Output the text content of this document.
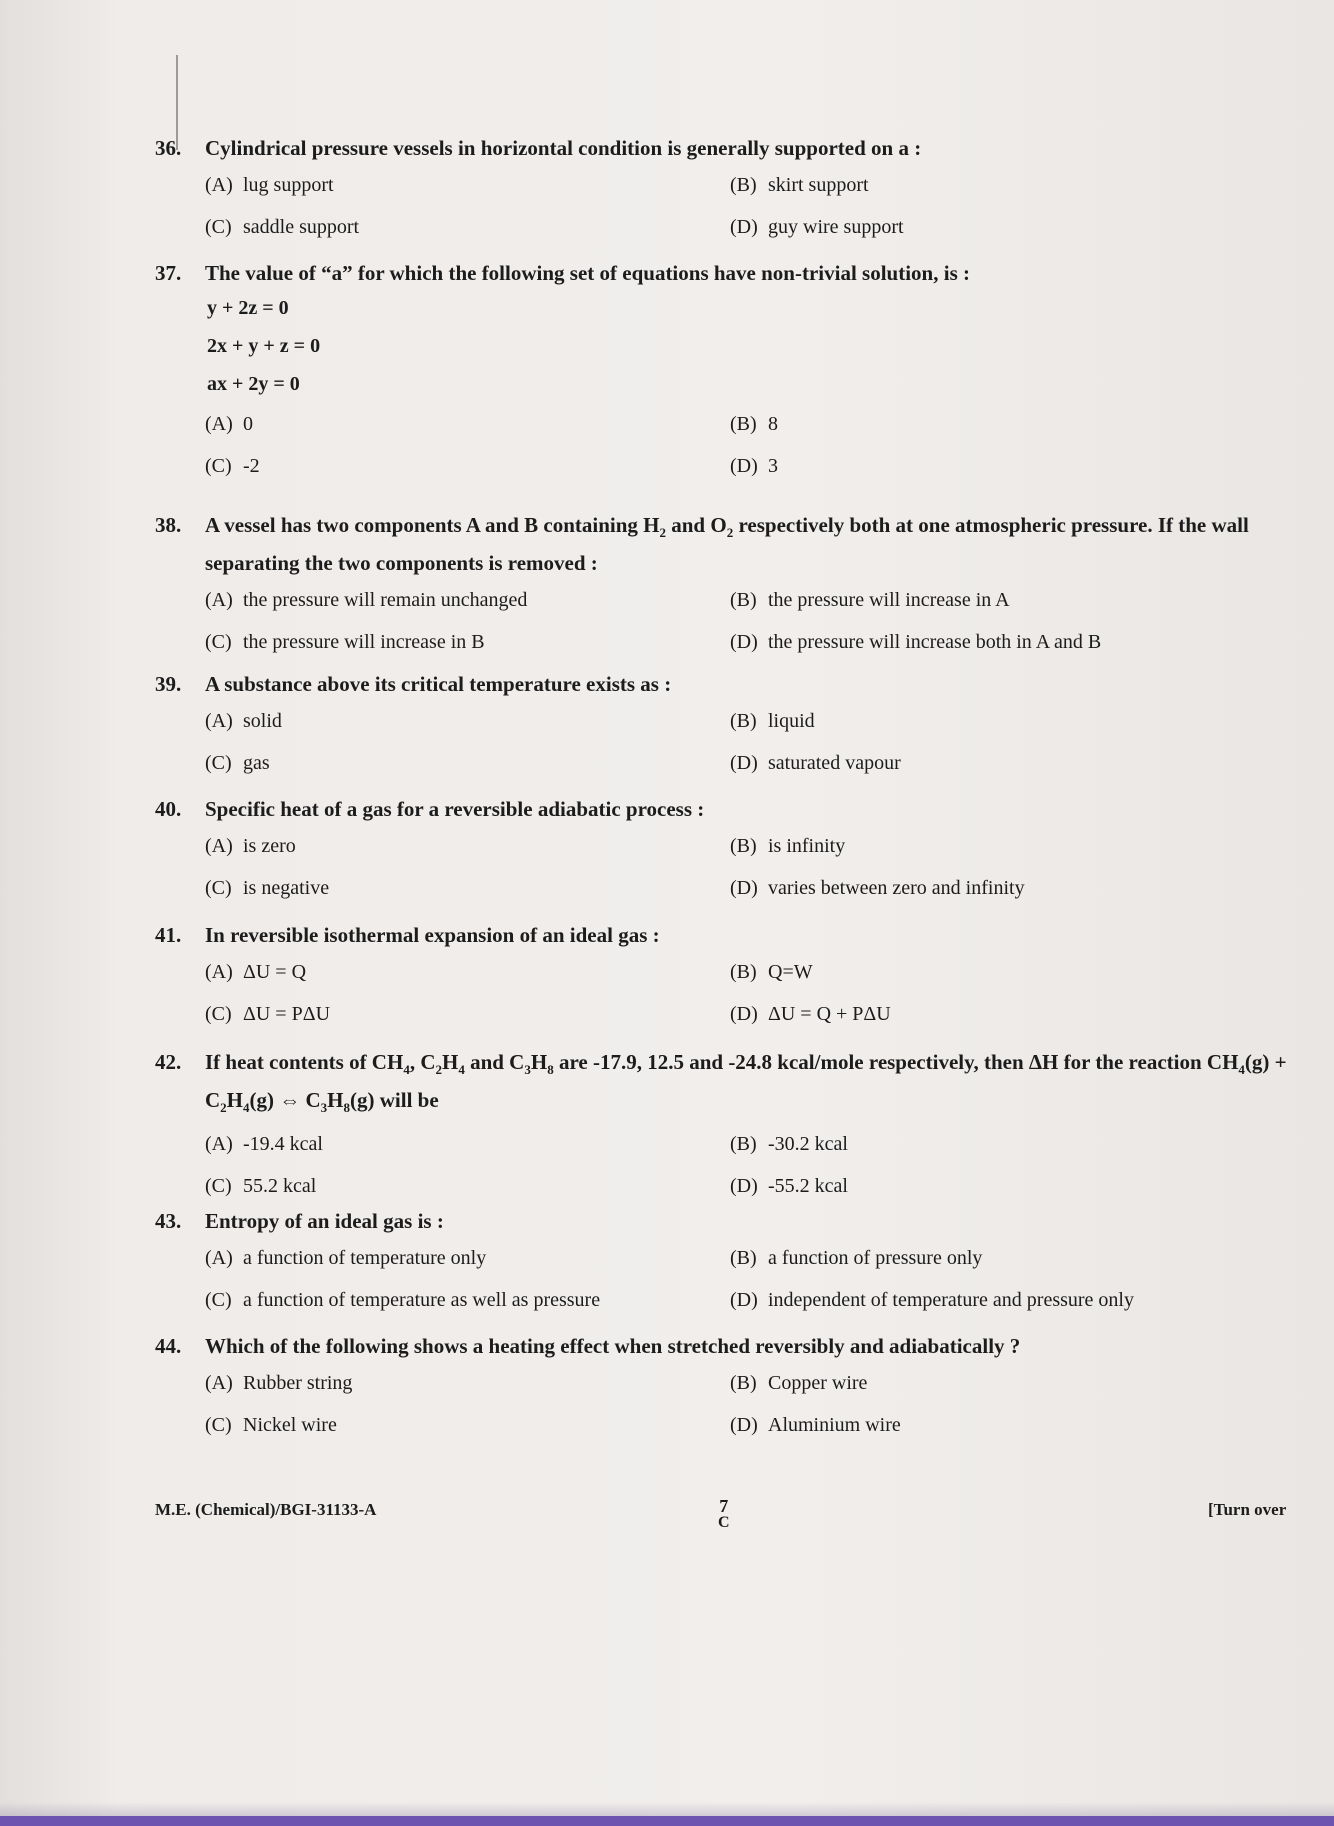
36. Cylindrical pressure vessels in horizontal condition is generally supported on a :
(A) lug support	(B) skirt support
(C) saddle support	(D) guy wire support
37. The value of “a” for which the following set of equations have non-trivial solution, is :
y + 2z = 0
2x + y + z = 0
ax + 2y = 0
(A) 0	(B) 8
(C) -2	(D) 3
38. A vessel has two components A and B containing $H_2$ and $O_2$ respectively both at one atmospheric pressure. If the wall separating the two components is removed :
(A) the pressure will remain unchanged	(B) the pressure will increase in A
(C) the pressure will increase in B	(D) the pressure will increase both in A and B
39. A substance above its critical temperature exists as :
(A) solid	(B) liquid
(C) gas	(D) saturated vapour
40. Specific heat of a gas for a reversible adiabatic process :
(A) is zero	(B) is infinity
(C) is negative	(D) varies between zero and infinity
41. In reversible isothermal expansion of an ideal gas :
(A) ΔU = Q	(B) Q=W
(C) ΔU = PΔU	(D) ΔU = Q + PΔU
42. If heat contents of $CH_4$, $C_2H_4$ and $C_3H_8$ are -17.9, 12.5 and -24.8 kcal/mole respectively, then ΔH for the reaction $CH_4(g) + C_2H_4(g)$ ⇔ $C_3H_8(g)$ will be
(A) -19.4 kcal	(B) -30.2 kcal
(C) 55.2 kcal	(D) -55.2 kcal
43. Entropy of an ideal gas is :
(A) a function of temperature only	(B) a function of pressure only
(C) a function of temperature as well as pressure	(D) independent of temperature and pressure only
44. Which of the following shows a heating effect when stretched reversibly and adiabatically ?
(A) Rubber string	(B) Copper wire
(C) Nickel wire	(D) Aluminium wire
M.E. (Chemical)/BGI-31133-A	7
C
[Turn over
